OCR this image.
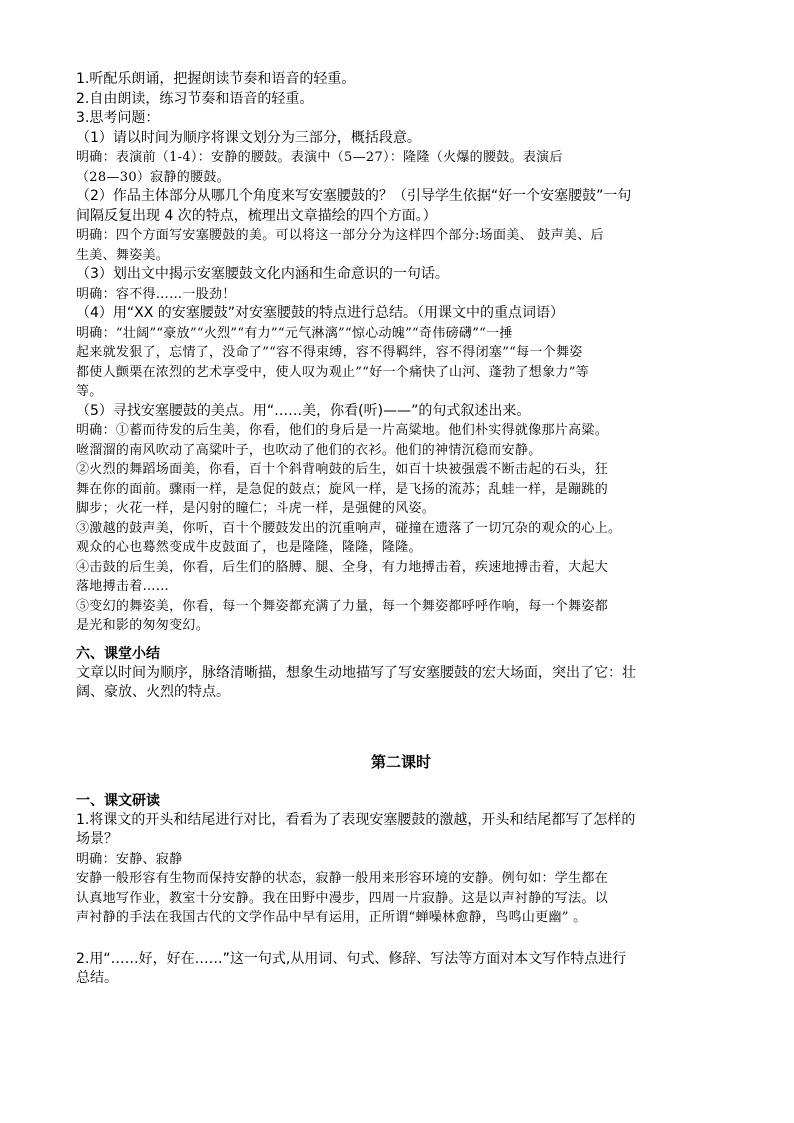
1.听配乐朗诵，把握朗读节奏和语音的轻重。

2.自由朗读，练习节奏和语音的轻重。

3.思考问题：

（1）请以时间为顺序将课文划分为三部分，概括段意。

明确：表演前（1-4）：安静的腰鼓。表演中（5—27）：隆隆（火爆的腰鼓。表演后

（28—30）寂静的腰鼓。

（2）作品主体部分从哪几个角度来写安塞腰鼓的？（引导学生依据“好一个安塞腰鼓”一句

间隔反复出现 4 次的特点，梳理出文章描绘的四个方面。）

明确：四个方面写安塞腰鼓的美。可以将这一部分分为这样四个部分:场面美、 鼓声美、后

生美、舞姿美。

（3）划出文中揭示安塞腰鼓文化内涵和生命意识的一句话。

明确：容不得……一股劲！

（4）用“XX 的安塞腰鼓”对安塞腰鼓的特点进行总结。（用课文中的重点词语）

明确：“壮阔”“豪放”“火烈”“有力”“元气淋漓”“惊心动魄”“奇伟磅礴”“一捶

起来就发狠了，忘情了，没命了”“容不得束缚，容不得羁绊，容不得闭塞”“每一个舞姿

都使人颤栗在浓烈的艺术享受中，使人叹为观止”“好一个痛快了山河、蓬勃了想象力”等

等。

（5）寻找安塞腰鼓的美点。用“……美，你看(听)——”的句式叙述出来。

明确：①蓄而待发的后生美，你看，他们的身后是一片高粱地。他们朴实得就像那片高粱。

咝溜溜的南风吹动了高粱叶子，也吹动了他们的衣衫。他们的神情沉稳而安静。

②火烈的舞蹈场面美，你看，百十个斜背响鼓的后生，如百十块被强震不断击起的石头，狂

舞在你的面前。骤雨一样，是急促的鼓点；旋风一样，是飞扬的流苏；乱蛙一样，是蹦跳的

脚步；火花一样，是闪射的瞳仁；斗虎一样，是强健的风姿。

③激越的鼓声美，你听，百十个腰鼓发出的沉重响声，碰撞在遗落了一切冗杂的观众的心上。

观众的心也蓦然变成牛皮鼓面了，也是隆隆，隆隆，隆隆。

④击鼓的后生美，你看，后生们的胳膊、腿、全身，有力地搏击着，疾速地搏击着，大起大

落地搏击着……

⑤变幻的舞姿美，你看，每一个舞姿都充满了力量，每一个舞姿都呼呼作响，每一个舞姿都

是光和影的匆匆变幻。

六、课堂小结

文章以时间为顺序，脉络清晰描，想象生动地描写了写安塞腰鼓的宏大场面，突出了它：壮

阔、豪放、火烈的特点。

第二课时

一、课文研读

1.将课文的开头和结尾进行对比，看看为了表现安塞腰鼓的激越，开头和结尾都写了怎样的

场景？

明确：安静、寂静

安静一般形容有生物而保持安静的状态，寂静一般用来形容环境的安静。例句如：学生都在

认真地写作业，教室十分安静。我在田野中漫步，四周一片寂静。这是以声衬静的写法。以

声衬静的手法在我国古代的文学作品中早有运用，正所谓“蝉噪林愈静，鸟鸣山更幽” 。

2.用“……好，好在……”这一句式,从用词、句式、修辞、写法等方面对本文写作特点进行

总结。
